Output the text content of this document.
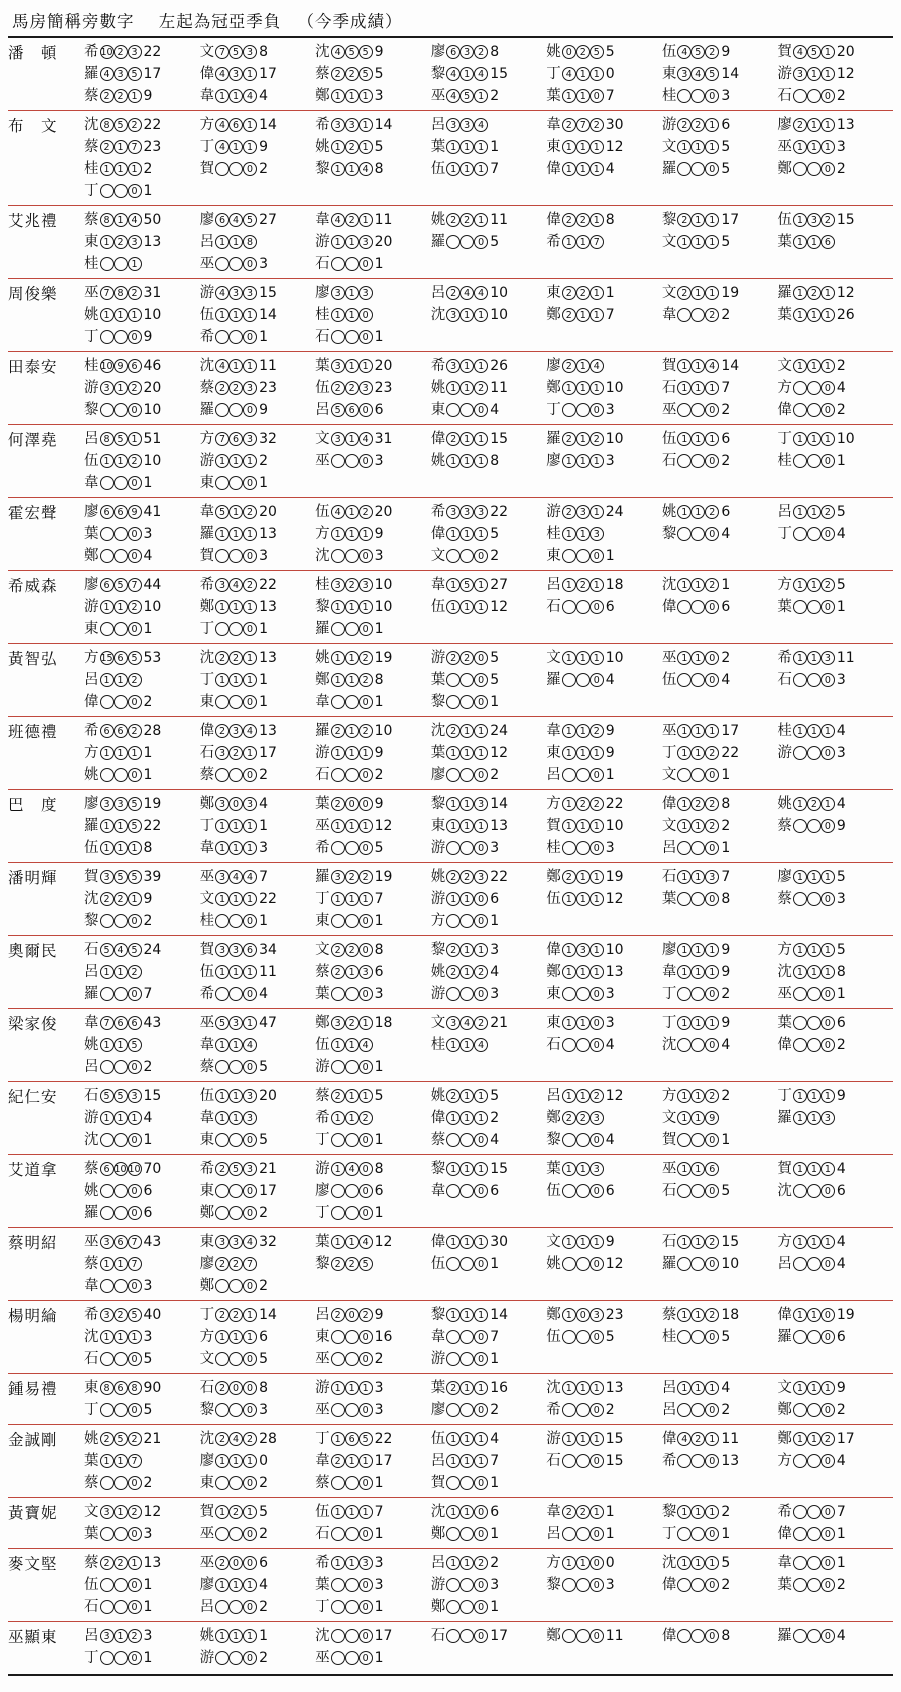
馬房簡稱旁數字 左起為冠亞季負 （今季成績）
潘　頓	希 10 2 3 22	文 7 5 3 8	沈 4 5 5 9	廖 6 3 2 8	姚 0 2 5 5	伍 4 5 2 9	賀 4 5 1 20
羅 4 3 5 17	偉 4 3 1 17	蔡 2 2 5 5	黎 4 1 4 15	丁 4 1 1 0	東 3 4 5 14	游 3 1 1 12
蔡 2 2 1 9	韋 1 1 4 4	鄭 1 1 1 3	巫 4 5 1 2	葉 1 1 0 7	桂	0 3	石	0 2

布　文	沈 8 5 2 22	方 4 6 1 14	希 3 3 1 14	呂 3 3 4	韋 2 7 2 30	游 2 2 1 6	廖 2 1 1 13
蔡 2 1 7 23	丁 4 1 1 9	姚 1 2 1 5	葉 1 1 1 1	東 1 1 1 12	文 1 1 1 5	巫 1 1 1 3
桂 1 1 1 2	賀	0 2	黎 1 1 4 8	伍 1 1 1 7	偉 1 1 1 4	羅	0 5	鄭	0 2
丁	0 1

艾兆禮	蔡 8 1 4 50	廖 6 4 5 27	韋 4 2 1 11	姚 2 2 1 11	偉 2 2 1 8	黎 2 1 1 17	伍 1 3 2 15
東 1 2 3 13	呂 1 1 8	游 1 1 3 20	羅	0 5	希 1 1 7	文 1 1 1 5	葉 1 1 6
桂	1	巫	0 3	石	0 1

周俊樂	巫 7 8 2 31	游 4 3 3 15	廖 3 1 3	呂 2 4 4 10	東 2 2 1 1	文 2 1 1 19	羅 1 2 1 12
姚 1 1 1 10	伍 1 1 1 14	桂 1 1 0	沈 3 1 1 10	鄭 2 1 1 7	韋	2 2	葉 1 1 1 26
丁	0 9	希	0 1	石	0 1

田泰安	桂 10 9 6 46	沈 4 1 1 11	葉 3 1 1 20	希 3 1 1 26	廖 2 1 4	賀 1 1 4 14	文 1 1 1 2
游 3 1 2 20	蔡 2 2 3 23	伍 2 2 3 23	姚 1 1 2 11	鄭 1 1 1 10	石 1 1 1 7	方	0 4
黎	0 10	羅	0 9	呂 5 6 0 6	東	0 4	丁	0 3	巫	0 2	偉	0 2

何澤堯	呂 8 5 1 51	方 7 6 3 32	文 3 1 4 31	偉 2 1 1 15	羅 2 1 2 10	伍 1 1 1 6	丁 1 1 1 10
伍 1 1 2 10	游 1 1 1 2	巫	0 3	姚 1 1 1 8	廖 1 1 1 3	石	0 2	桂	0 1
韋	0 1	東	0 1

霍宏聲	廖 6 6 9 41	韋 5 1 2 20	伍 4 1 2 20	希 3 3 3 22	游 2 3 1 24	姚 1 1 2 6	呂 1 1 2 5
葉	0 3	羅 1 1 1 13	方 1 1 1 9	偉 1 1 1 5	桂 1 1 3	黎	0 4	丁	0 4
鄭	0 4	賀	0 3	沈	0 3	文	0 2	東	0 1

希威森	廖 6 5 7 44	希 3 4 2 22	桂 3 2 3 10	韋 1 5 1 27	呂 1 2 1 18	沈 1 1 2 1	方 1 1 2 5
游 1 1 2 10	鄭 1 1 1 13	黎 1 1 1 10	伍 1 1 1 12	石	0 6	偉	0 6	葉	0 1
東	0 1	丁	0 1	羅	0 1

黃智弘	方 15 6 5 53	沈 2 2 1 13	姚 1 1 2 19	游 2 2 0 5	文 1 1 1 10	巫 1 1 0 2	希 1 1 3 11
呂 1 1 2	丁 1 1 1 1	鄭 1 1 2 8	葉	0 5	羅	0 4	伍	0 4	石	0 3
偉	0 2	東	0 1	韋	0 1	黎	0 1

班德禮	希 6 6 2 28	偉 2 3 4 13	羅 2 1 2 10	沈 2 1 1 24	韋 1 1 2 9	巫 1 1 1 17	桂 1 1 1 4
方 1 1 1 1	石 3 2 1 17	游 1 1 1 9	葉 1 1 1 12	東 1 1 1 9	丁 1 1 2 22	游	0 3
姚	0 1	蔡	0 2	石	0 2	廖	0 2	呂	0 1	文	0 1

巴　度	廖 3 3 5 19	鄭 3 0 3 4	葉 2 0 0 9	黎 1 1 3 14	方 1 2 2 22	偉 1 2 2 8	姚 1 2 1 4
羅 1 1 5 22	丁 1 1 1 1	巫 1 1 1 12	東 1 1 1 13	賀 1 1 1 10	文 1 1 2 2	蔡	0 9
伍 1 1 1 8	韋 1 1 1 3	希	0 5	游	0 3	桂	0 3	呂	0 1

潘明輝	賀 3 5 5 39	巫 3 4 4 7	羅 3 2 2 19	姚 2 2 3 22	鄭 2 1 1 19	石 1 1 3 7	廖 1 1 1 5
沈 2 2 1 9	文 1 1 1 22	丁 1 1 1 7	游 1 1 0 6	伍 1 1 1 12	葉	0 8	蔡	0 3
黎	0 2	桂	0 1	東	0 1	方	0 1

奧爾民	石 5 4 5 24	賀 3 3 6 34	文 2 2 0 8	黎 2 1 1 3	偉 1 3 1 10	廖 1 1 1 9	方 1 1 1 5
呂 1 1 2	伍 1 1 1 11	蔡 2 1 3 6	姚 2 1 2 4	鄭 1 1 1 13	韋 1 1 1 9	沈 1 1 1 8
羅	0 7	希	0 4	葉	0 3	游	0 3	東	0 3	丁	0 2	巫	0 1

梁家俊	韋 7 6 6 43	巫 5 3 1 47	鄭 3 2 1 18	文 3 4 2 21	東 1 1 0 3	丁 1 1 1 9	葉	0 6
姚 1 1 5	韋 1 1 4	伍 1 1 4	桂 1 1 4	石	0 4	沈	0 4	偉	0 2
呂	0 2	蔡	0 5	游	0 1

紀仁安	石 5 5 3 15	伍 1 1 3 20	蔡 2 1 1 5	姚 2 1 1 5	呂 1 1 2 12	方 1 1 2 2	丁 1 1 1 9
游 1 1 1 4	韋 1 1 3	希 1 1 2	偉 1 1 1 2	鄭 2 2 3	文 1 1 9	羅 1 1 3
沈	0 1	東	0 5	丁	0 1	蔡	0 4	黎	0 4	賀	0 1

艾道拿	蔡 6 10 10 70	希 2 5 3 21	游 1 4 0 8	黎 1 1 1 15	葉 1 1 3	巫 1 1 6	賀 1 1 1 4
姚	0 6	東	0 17	廖	0 6	韋	0 6	伍	0 6	石	0 5	沈	0 6
羅	0 6	鄭	0 2	丁	0 1

蔡明紹	巫 3 6 7 43	東 3 3 4 32	葉 1 1 4 12	偉 1 1 1 30	文 1 1 1 9	石 1 1 2 15	方 1 1 1 4
蔡 1 1 7	廖 2 2 7	黎 2 2 5	伍	0 1	姚	0 12	羅	0 10	呂	0 4
韋	0 3	鄭	0 2

楊明綸	希 3 2 5 40	丁 2 2 1 14	呂 2 0 2 9	黎 1 1 1 14	鄭 1 0 3 23	蔡 1 1 2 18	偉 1 1 0 19
沈 1 1 1 3	方 1 1 1 6	東	0 16	韋	0 7	伍	0 5	桂	0 5	羅	0 6
石	0 5	文	0 5	巫	0 2	游	0 1

鍾易禮	東 8 6 8 90	石 2 0 0 8	游 1 1 1 3	葉 2 1 1 16	沈 1 1 1 13	呂 1 1 1 4	文 1 1 1 9
丁	0 5	黎	0 3	巫	0 3	廖	0 2	希	0 2	呂	0 2	鄭	0 2

金誠剛	姚 2 5 2 21	沈 2 4 2 28	丁 1 6 5 22	伍 1 1 1 4	游 1 1 1 15	偉 4 2 1 11	鄭 1 1 2 17
葉 1 1 7	廖 1 1 1 0	韋 2 1 1 17	呂 1 1 1 7	石	0 15	希	0 13	方	0 4
蔡	0 2	東	0 2	蔡	0 1	賀	0 1

黃寶妮	文 3 1 2 12	賀 1 2 1 5	伍 1 1 1 7	沈 1 1 0 6	韋 2 2 1 1	黎 1 1 1 2	希	0 7
葉	0 3	巫	0 2	石	0 1	鄭	0 1	呂	0 1	丁	0 1	偉	0 1

麥文堅	蔡 2 2 1 13	巫 2 0 0 6	希 1 1 3 3	呂 1 1 2 2	方 1 1 0 0	沈 1 1 1 5	韋	0 1
伍	0 1	廖 1 1 1 4	葉	0 3	游	0 3	黎	0 3	偉	0 2	葉	0 2
石	0 1	呂	0 2	丁	0 1	鄭	0 1

巫顯東	呂 3 1 2 3	姚 1 1 1 1	沈	0 17	石	0 17	鄭	0 11	偉	0 8	羅	0 4
丁	0 1	游	0 2	巫	0 1
